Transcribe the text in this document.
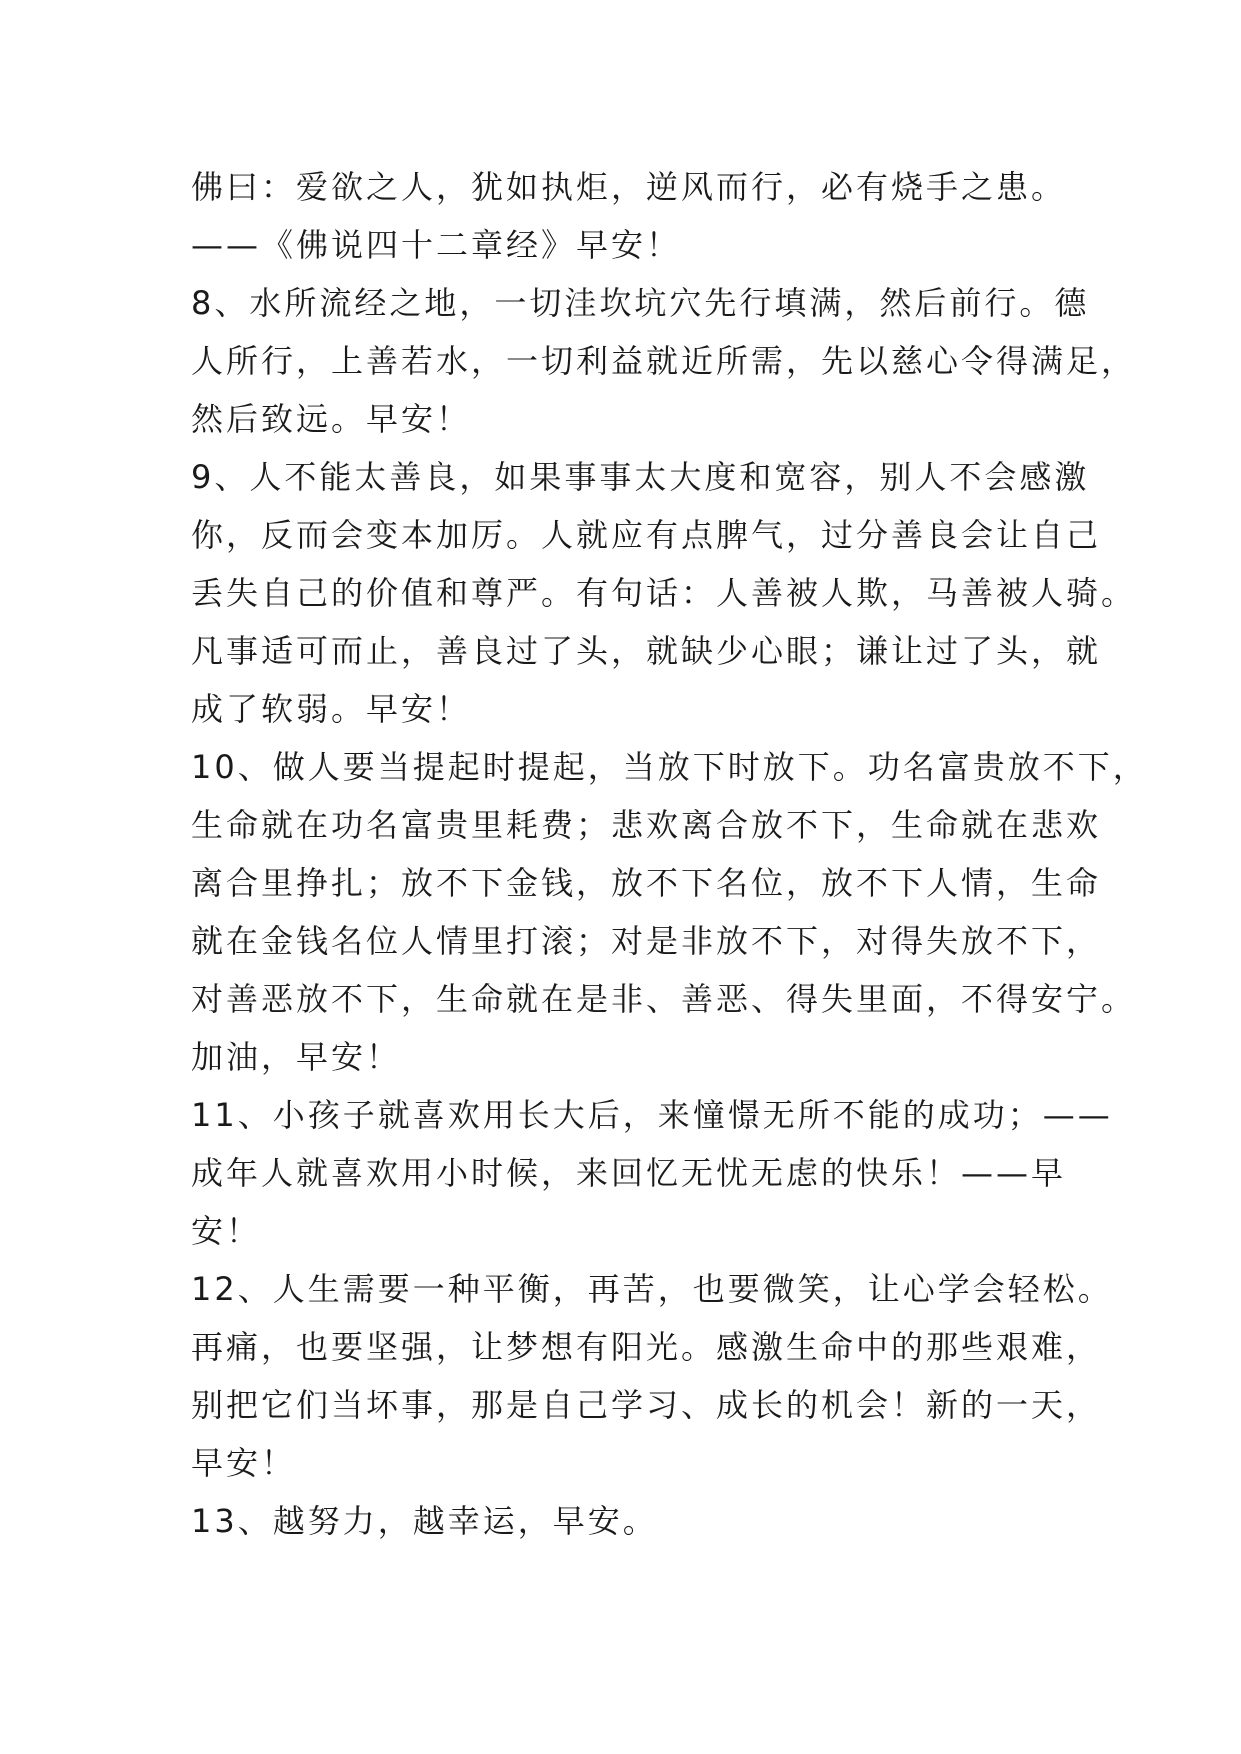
佛曰：爱欲之人，犹如执炬，逆风而行，必有烧手之患。
——《佛说四十二章经》早安！
8、水所流经之地，一切洼坎坑穴先行填满，然后前行。德
人所行，上善若水，一切利益就近所需，先以慈心令得满足，
然后致远。早安！
9、人不能太善良，如果事事太大度和宽容，别人不会感激
你，反而会变本加厉。人就应有点脾气，过分善良会让自己
丢失自己的价值和尊严。有句话：人善被人欺，马善被人骑。
凡事适可而止，善良过了头，就缺少心眼；谦让过了头，就
成了软弱。早安！
10、做人要当提起时提起，当放下时放下。功名富贵放不下，
生命就在功名富贵里耗费；悲欢离合放不下，生命就在悲欢
离合里挣扎；放不下金钱，放不下名位，放不下人情，生命
就在金钱名位人情里打滚；对是非放不下，对得失放不下，
对善恶放不下，生命就在是非、善恶、得失里面，不得安宁。
加油，早安！
11、小孩子就喜欢用长大后，来憧憬无所不能的成功；——
成年人就喜欢用小时候，来回忆无忧无虑的快乐！——早
安！
12、人生需要一种平衡，再苦，也要微笑，让心学会轻松。
再痛，也要坚强，让梦想有阳光。感激生命中的那些艰难，
别把它们当坏事，那是自己学习、成长的机会！新的一天，
早安！
13、越努力，越幸运，早安。
